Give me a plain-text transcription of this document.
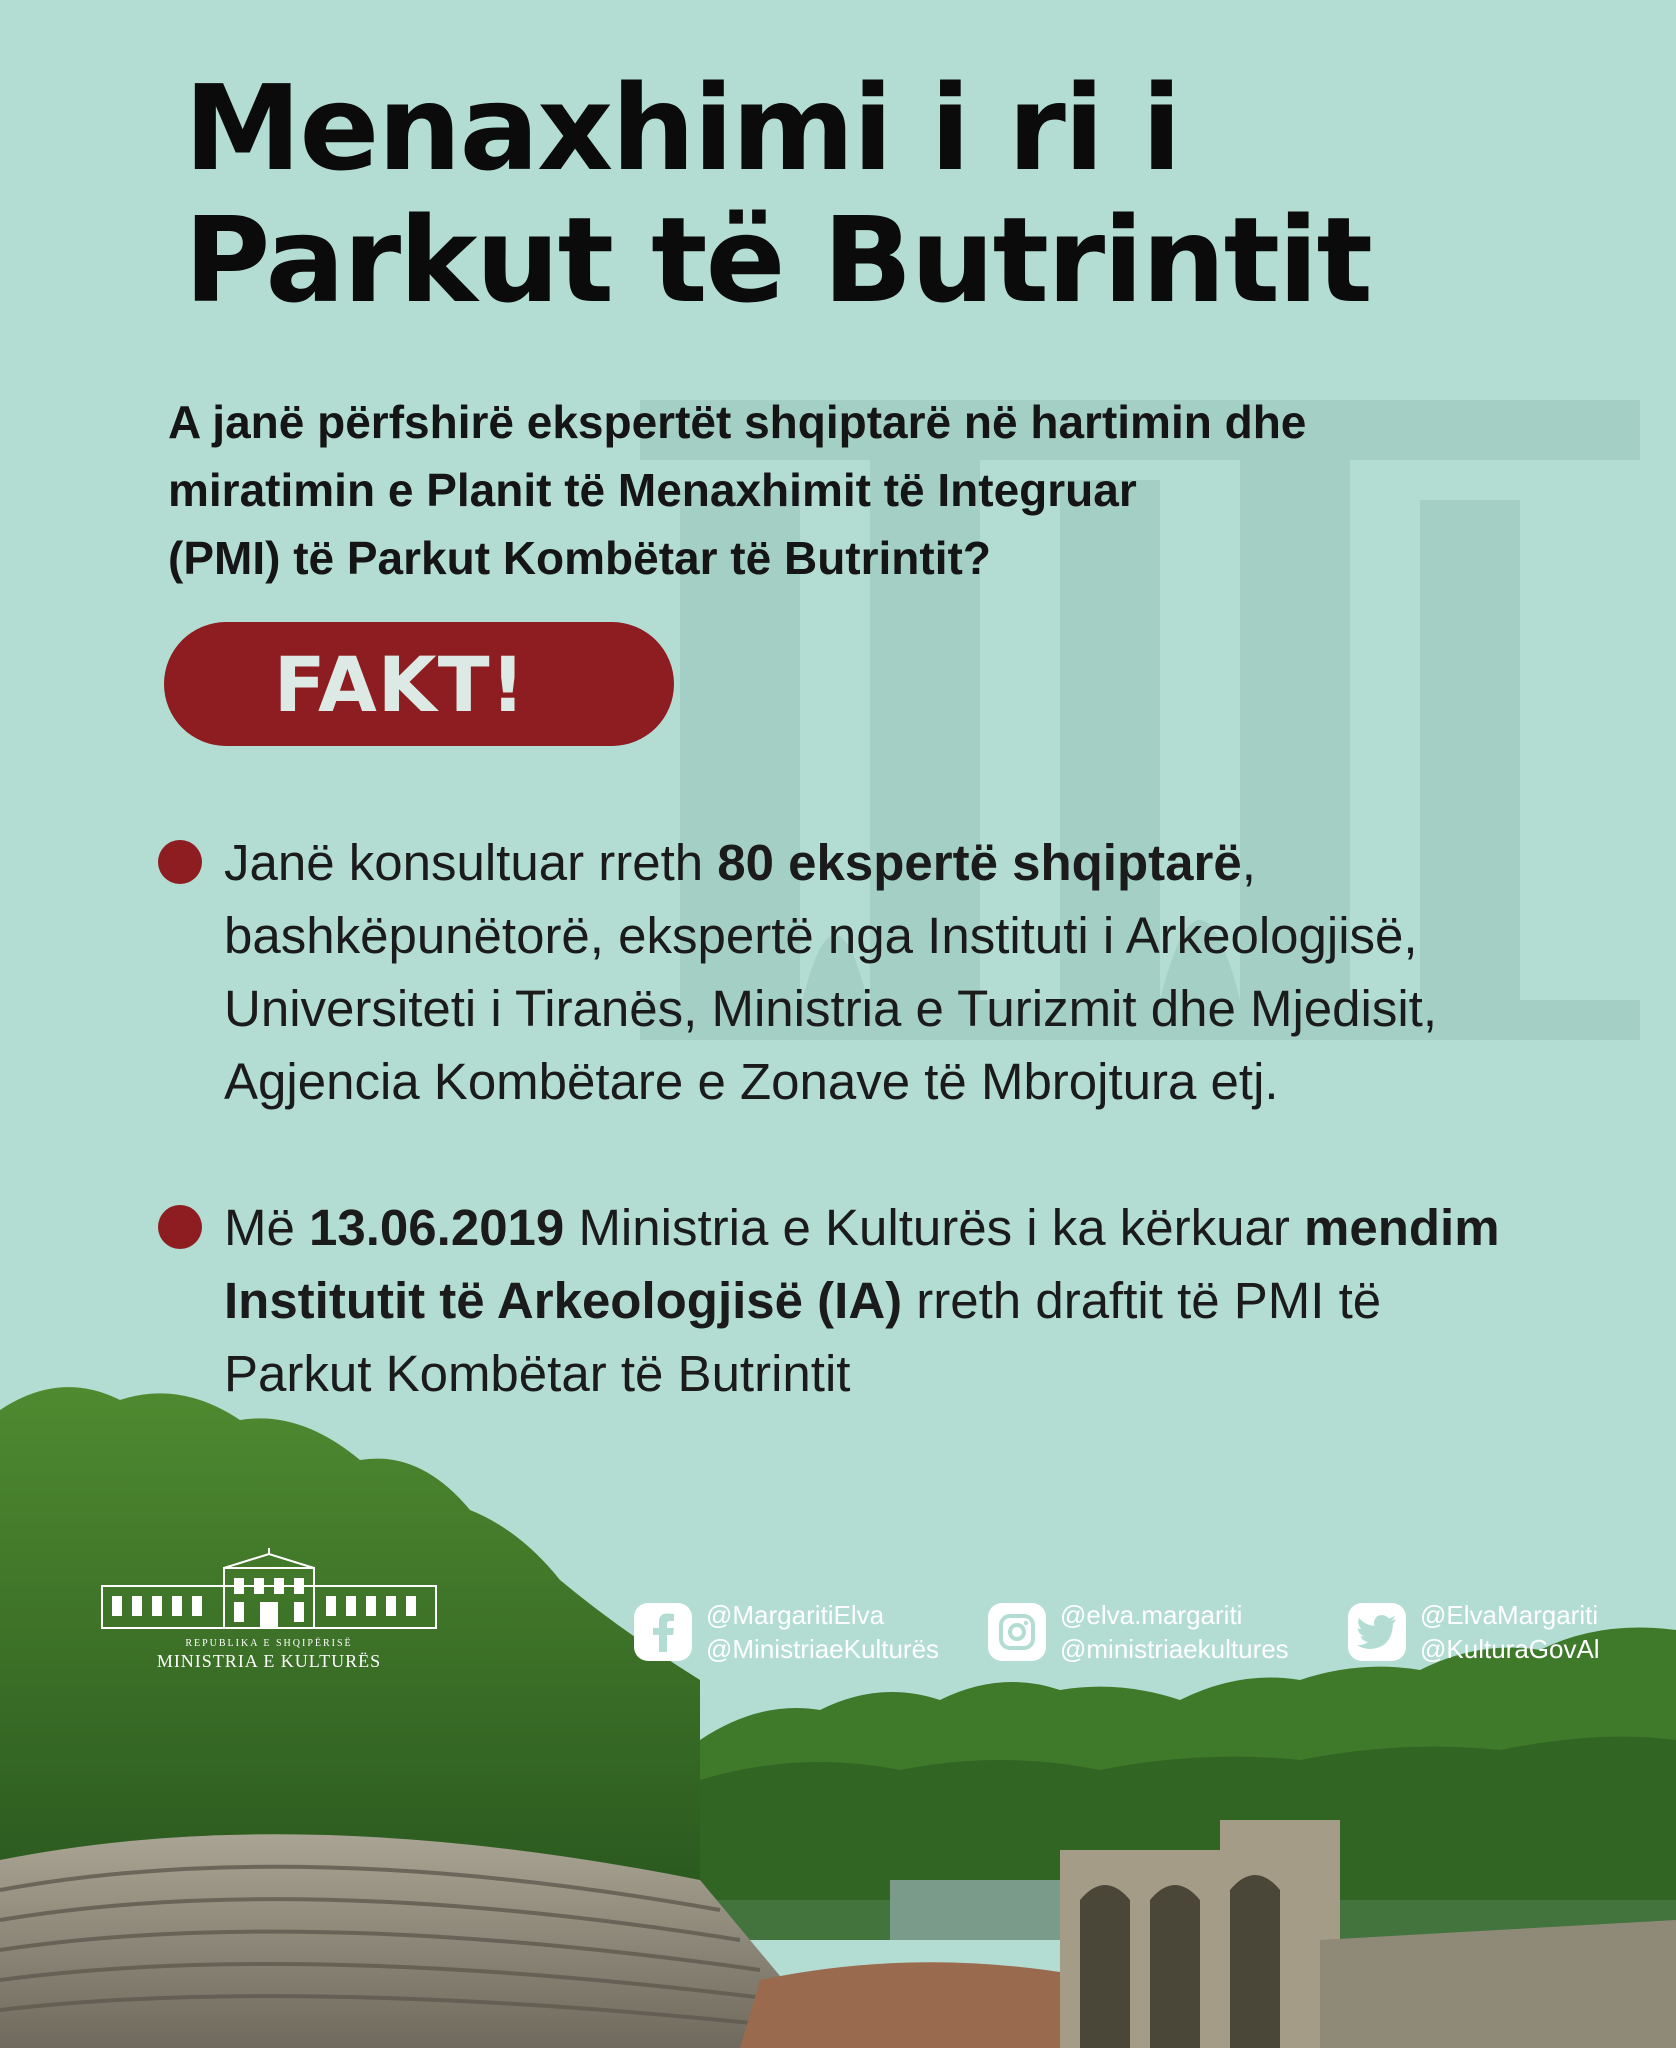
Menaxhimi i ri i
Parkut të Butrintit
A janë përfshirë ekspertët shqiptarë në hartimin dhe
miratimin e Planit të Menaxhimit të Integruar
(PMI) të Parkut Kombëtar të Butrintit?
FAKT!
Janë konsultuar rreth 80 ekspertë shqiptarë,
bashkëpunëtorë, ekspertë nga Instituti i Arkeologjisë,
Universiteti i Tiranës, Ministria e Turizmit dhe Mjedisit,
Agjencia Kombëtare e Zonave të Mbrojtura etj.
Më 13.06.2019 Ministria e Kulturës i ka kërkuar mendim
Institutit të Arkeologjisë (IA) rreth draftit të PMI të
Parkut Kombëtar të Butrintit
REPUBLIKA E SHQIPËRISË
MINISTRIA E KULTURËS
@MargaritiElva
@MinistriaeKulturës
@elva.margariti
@ministriaekultures
@ElvaMargariti
@KulturaGovAl
